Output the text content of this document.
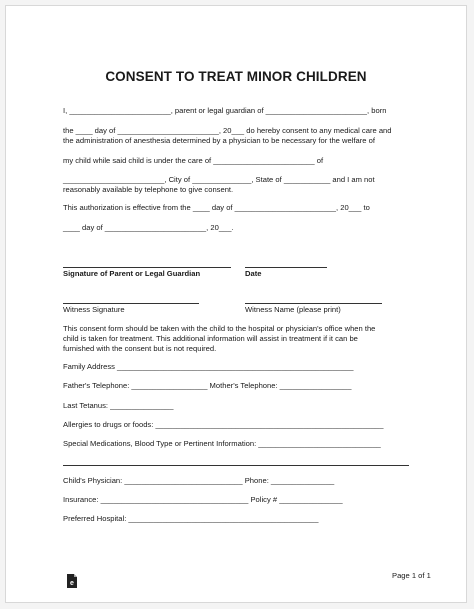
CONSENT TO TREAT MINOR CHILDREN
I, ________________________, parent or legal guardian of ________________________, born
the ____ day of ________________________, 20___ do hereby consent to any medical care and
the administration of anesthesia determined by a physician to be necessary for the welfare of
my child while said child is under the care of ________________________ of
________________________, City of ______________, State of ___________ and I am not
reasonably available by telephone to give consent.
This authorization is effective from the ____ day of ________________________, 20___ to
____ day of ________________________, 20___.
Signature of Parent or Legal Guardian	Date
Witness Signature	Witness Name (please print)
This consent form should be taken with the child to the hospital or physician's office when the
child is taken for treatment. This additional information will assist in treatment if it can be
furnished with the consent but is not required.
Family Address ________________________________________________________
Father's Telephone: __________________ Mother's Telephone: _________________
Last Tetanus: _______________
Allergies to drugs or foods: ______________________________________________________
Special Medications, Blood Type or Pertinent Information: _____________________________
Child's Physician: ____________________________ Phone: _______________
Insurance: ___________________________________ Policy # _______________
Preferred Hospital: _____________________________________________
e
Page 1 of 1
